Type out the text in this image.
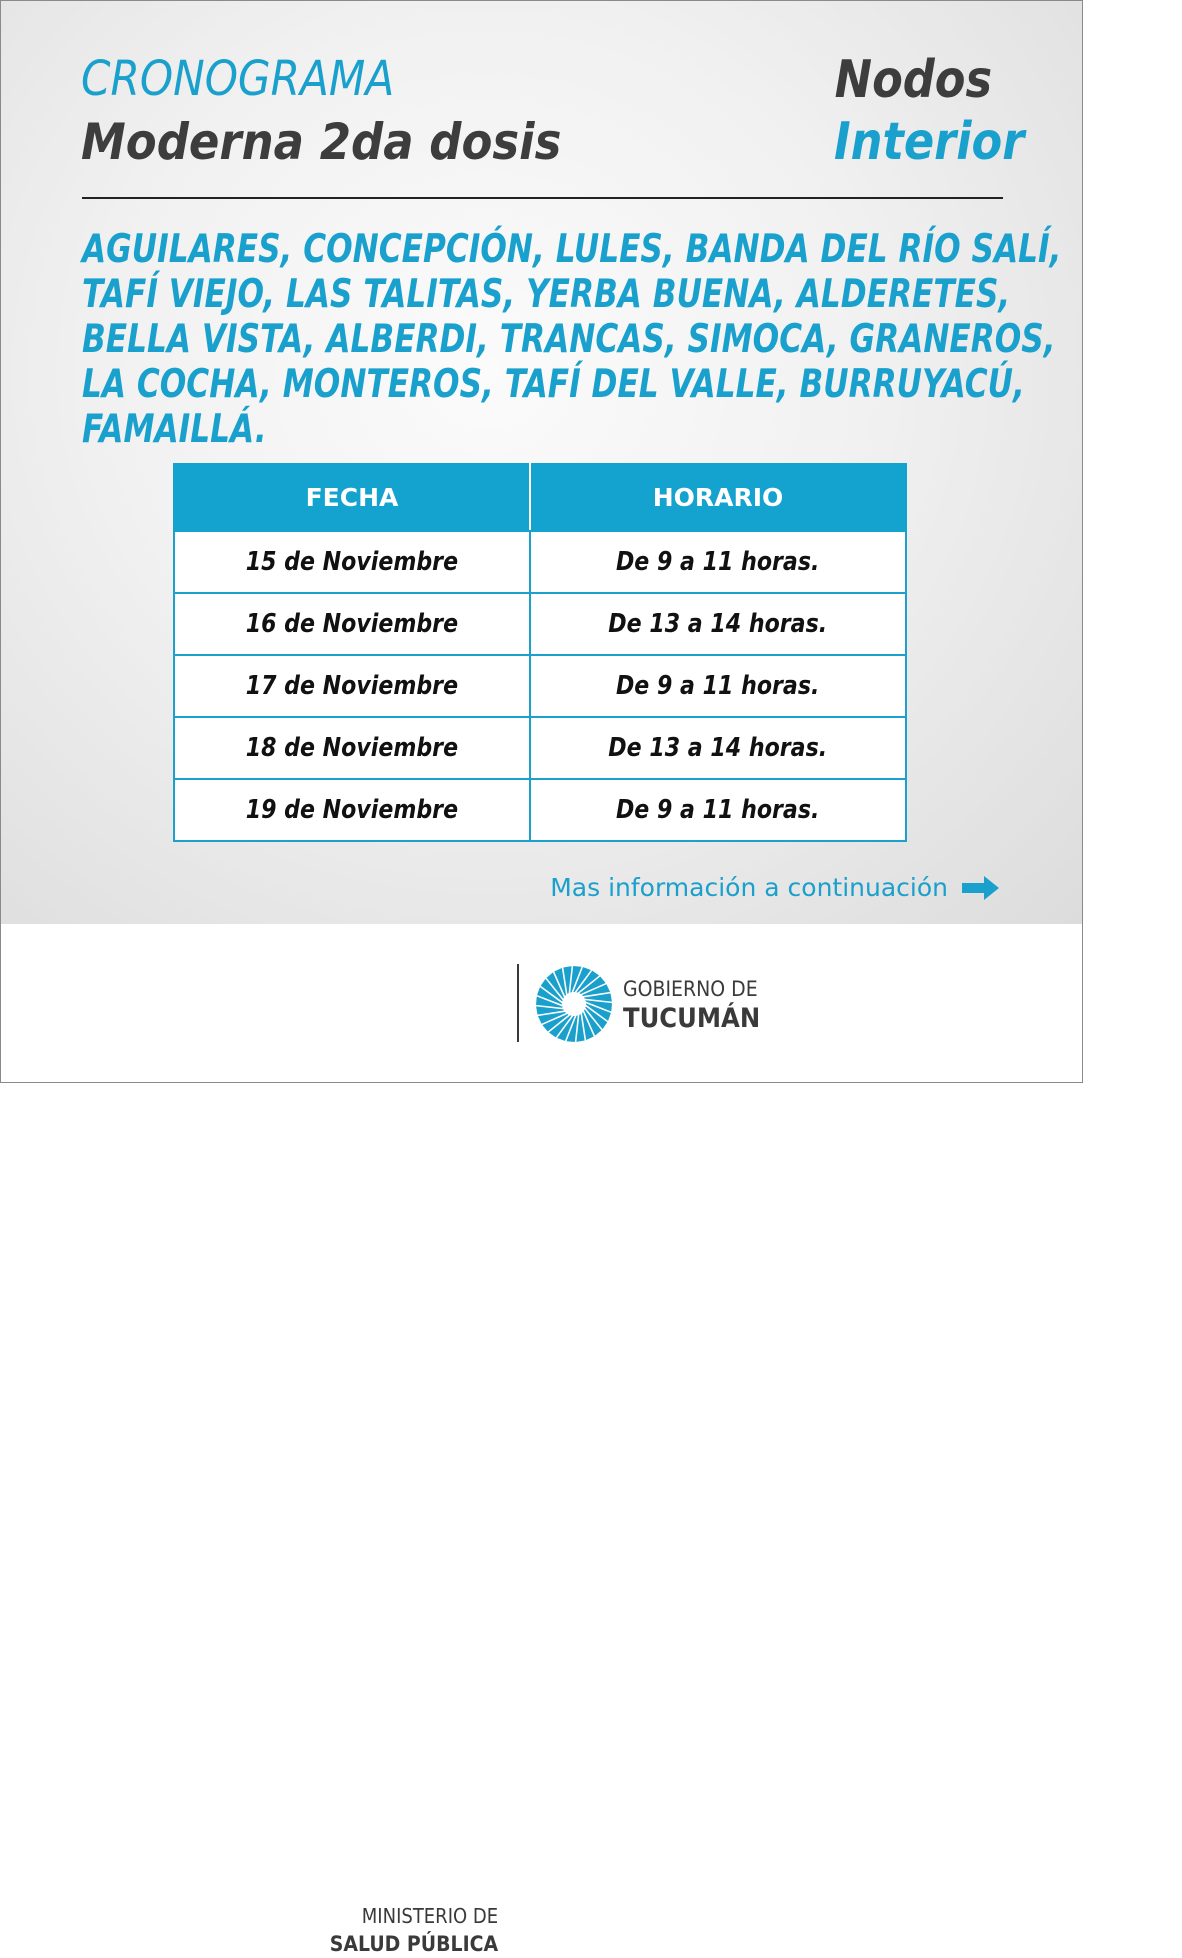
CRONOGRAMA
Moderna 2da dosis
Nodos
Interior
AGUILARES, CONCEPCIÓN, LULES, BANDA DEL RÍO SALÍ,
TAFÍ VIEJO, LAS TALITAS, YERBA BUENA, ALDERETES,
BELLA VISTA, ALBERDI, TRANCAS, SIMOCA, GRANEROS,
LA COCHA, MONTEROS, TAFÍ DEL VALLE, BURRUYACÚ,
FAMAILLÁ.
FECHA	HORARIO
15 de Noviembre	De 9 a 11 horas.
16 de Noviembre	De 13 a 14 horas.
17 de Noviembre	De 9 a 11 horas.
18 de Noviembre	De 13 a 14 horas.
19 de Noviembre	De 9 a 11 horas.
Mas información a continuación
MINISTERIO DE
SALUD PÚBLICA
GOBIERNO DE
TUCUMÁN
